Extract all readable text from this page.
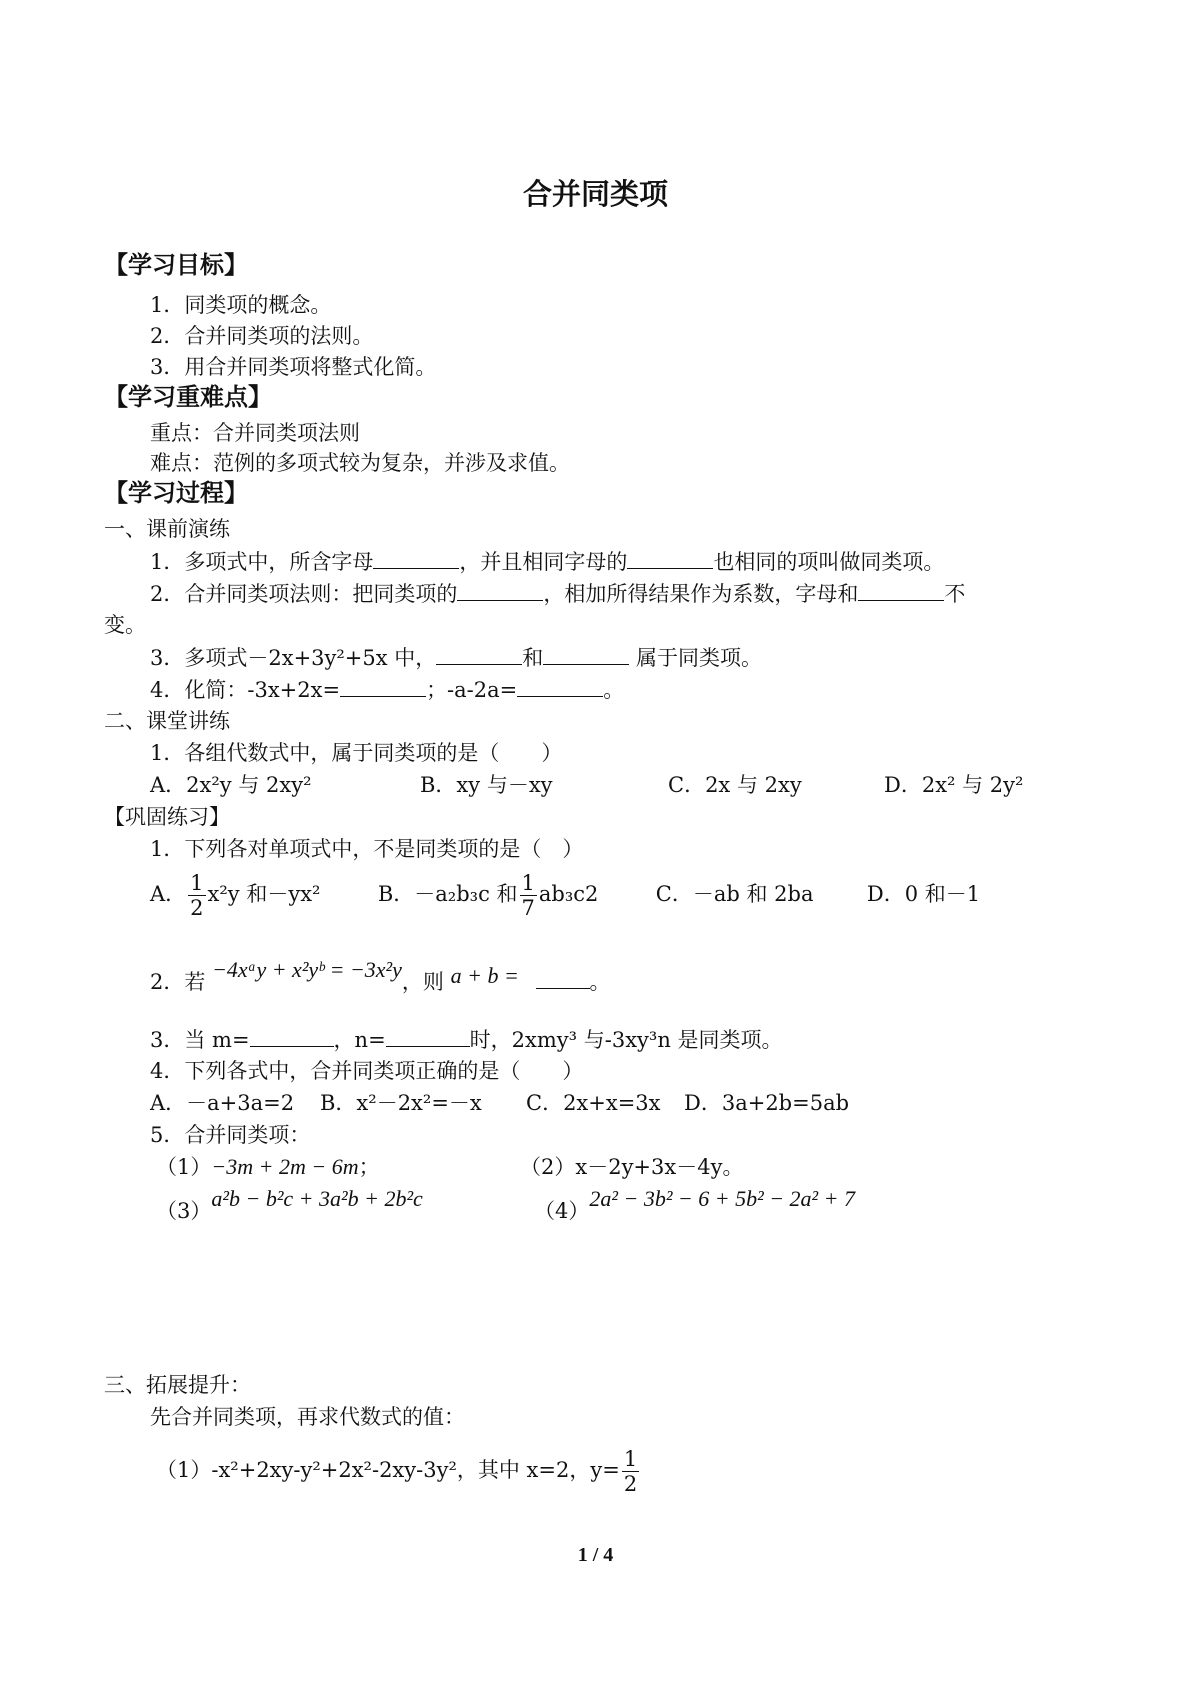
合并同类项
【学习目标】
1．同类项的概念。
2．合并同类项的法则。
3．用合并同类项将整式化简。
【学习重难点】
重点：合并同类项法则
难点：范例的多项式较为复杂，并涉及求值。
【学习过程】
一、课前演练
1．多项式中，所含字母	，并且相同字母的	也相同的项叫做同类项。
2．合并同类项法则：把同类项的	，相加所得结果作为系数，字母和	不
变。
3．多项式－2x+3y²+5x 中，	和	属于同类项。
4．化简：-3x+2x=	；-a-2a=	。
二、课堂讲练
1．各组代数式中，属于同类项的是（　　）
A．2x²y 与 2xy²	B．xy 与－xy	C．2x 与 2xy	D．2x² 与 2y²
【巩固练习】
1．下列各对单项式中，不是同类项的是（　）
A． $\frac{1}{2} x^2y$ 和－yx²	B．－a₂b₃c 和 $\frac{1}{7} ab_3c2$	C．－ab 和 2ba	D．0 和－1
2．若 −4xᵃy + x²yᵇ = −3x²y，则 a + b =	。
3．当 m=	，n=	时，2xmy³ 与-3xy³n 是同类项。
4．下列各式中，合并同类项正确的是（　　）
A．－a+3a=2 B．x²－2x²=－x C．2x+x=3x D．3a+2b=5ab
5．合并同类项：
（1）−3m + 2m − 6m；	（2）x－2y+3x－4y。
（3）a²b − b²c + 3a²b + 2b²c	（4）2a² − 3b² − 6 + 5b² − 2a² + 7
三、拓展提升：
先合并同类项，再求代数式的值：
（1）-x²+2xy-y²+2x²-2xy-3y²，其中 x=2，$y= \frac{1}{2}$
1 / 4
